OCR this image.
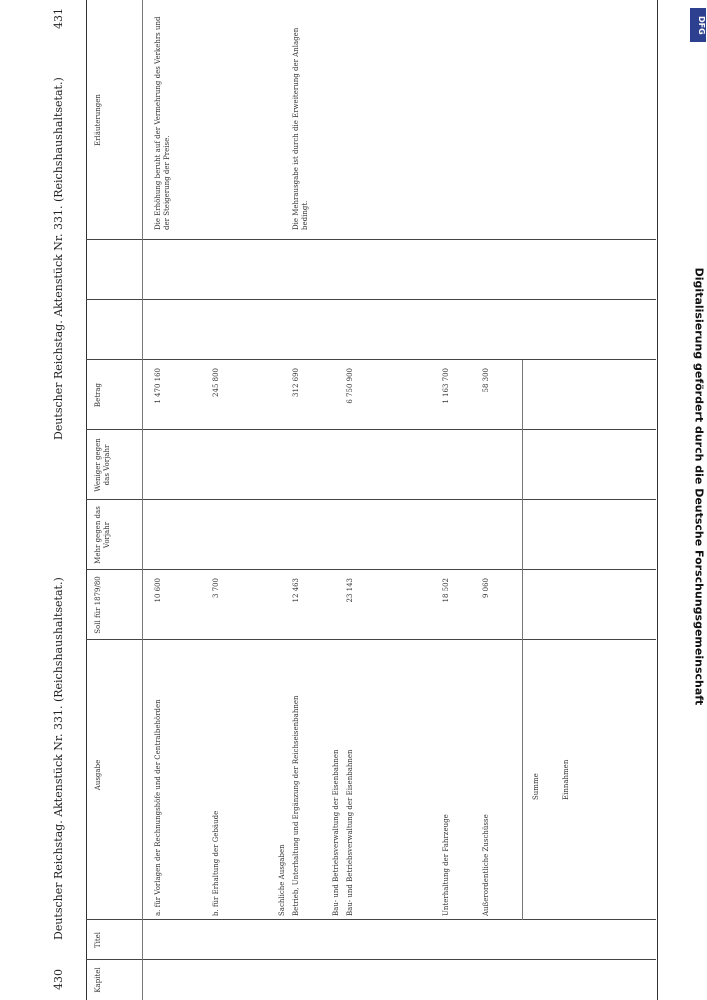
430
Deutscher Reichstag. Aktenstück Nr. 331. (Reichshaushaltsetat.)
Deutscher Reichstag. Aktenstück Nr. 331. (Reichshaushaltsetat.)
431
Kapitel
Titel
Ausgabe
Soll für 1879/80
Mehr gegen das Vorjahr
Weniger gegen das Vorjahr
Betrag
Erläuterungen
a. für Vorlagen der Rechnungshöfe und der Centralbehörden
10 600
1 470 160
b. für Erhaltung der Gebäude
3 700
245 800
Sachliche Ausgaben Betrieb, Unterhaltung und Ergänzung der Reichseisenbahnen
12 463
312 690
Bau- und Betriebsverwaltung der Eisenbahnen Bau- und Betriebsverwaltung der Eisenbahnen
23 143
6 750 900
Unterhaltung der Fahrzeuge
18 502
1 163 700
Außerordentliche Zuschüsse
9 060
58 300
Summe	Einnahmen
Die Erhöhung beruht auf der Vermehrung des Verkehrs und der Steigerung der Preise.	Die Mehrausgabe ist durch die Erweiterung der Anlagen bedingt.
DFG
Digitalisierung gefördert durch die Deutsche Forschungsgemeinschaft
